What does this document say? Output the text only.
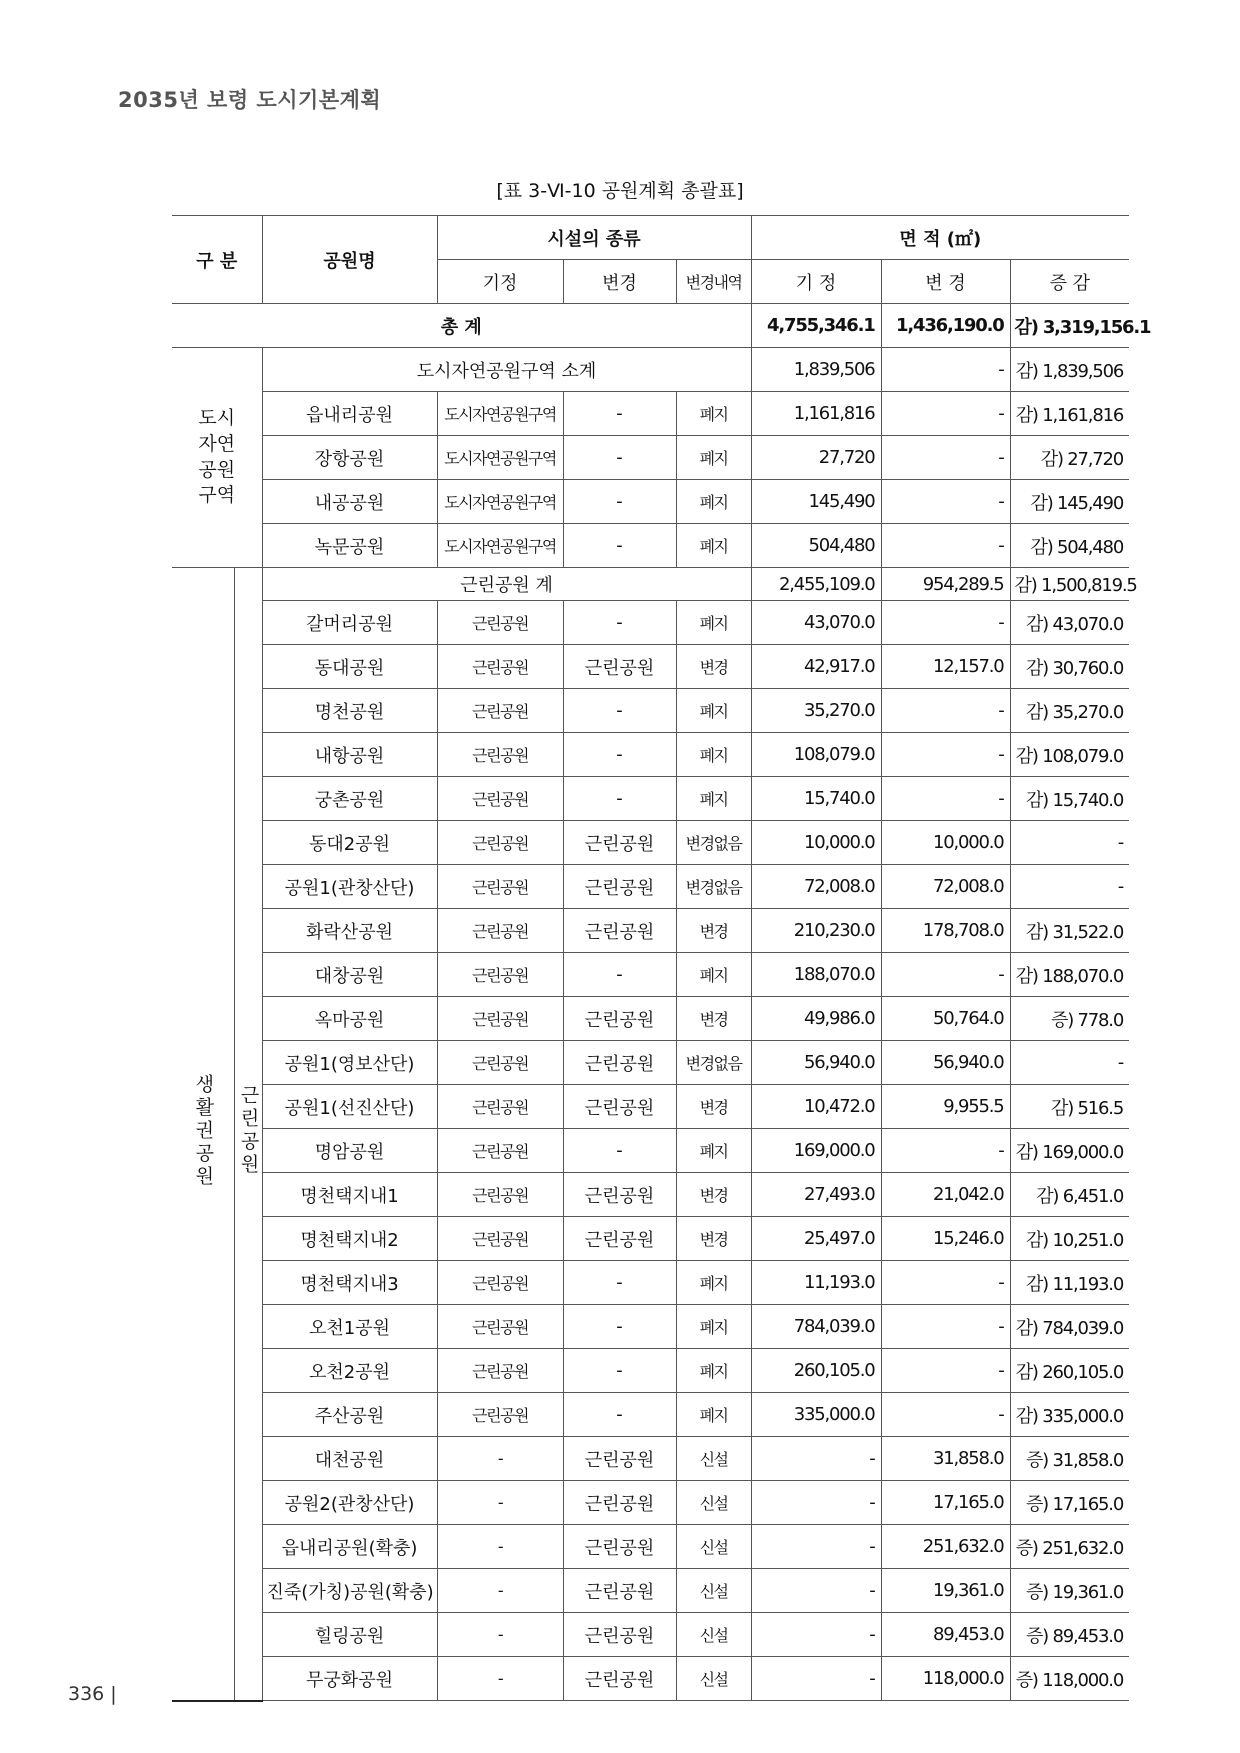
2035년 보령 도시기본계획
[표 3-Ⅵ-10 공원계획 총괄표]
구 분		공원명	시설의 종류			면 적 (㎡)		
			기정	변경	변경내역	기 정	변 경	증 감
총 계						4,755,346.1	1,436,190.0	감) 3,319,156.1
도시
자연
공원
구역		도시자연공원구역 소계				1,839,506	-	감) 1,839,506
		읍내리공원	도시자연공원구역	-	폐지	1,161,816	-	감) 1,161,816
		장항공원	도시자연공원구역	-	폐지	27,720	-	감) 27,720
		내공공원	도시자연공원구역	-	폐지	145,490	-	감) 145,490
		녹문공원	도시자연공원구역	-	폐지	504,480	-	감) 504,480
생활권공원	근린공원	근린공원 계				2,455,109.0	954,289.5	감) 1,500,819.5
		갈머리공원	근린공원	-	폐지	43,070.0	-	감) 43,070.0
		동대공원	근린공원	근린공원	변경	42,917.0	12,157.0	감) 30,760.0
		명천공원	근린공원	-	폐지	35,270.0	-	감) 35,270.0
		내항공원	근린공원	-	폐지	108,079.0	-	감) 108,079.0
		궁촌공원	근린공원	-	폐지	15,740.0	-	감) 15,740.0
		동대2공원	근린공원	근린공원	변경없음	10,000.0	10,000.0	-
		공원1(관창산단)	근린공원	근린공원	변경없음	72,008.0	72,008.0	-
		화락산공원	근린공원	근린공원	변경	210,230.0	178,708.0	감) 31,522.0
		대창공원	근린공원	-	폐지	188,070.0	-	감) 188,070.0
		옥마공원	근린공원	근린공원	변경	49,986.0	50,764.0	증) 778.0
		공원1(영보산단)	근린공원	근린공원	변경없음	56,940.0	56,940.0	-
		공원1(선진산단)	근린공원	근린공원	변경	10,472.0	9,955.5	감) 516.5
		명암공원	근린공원	-	폐지	169,000.0	-	감) 169,000.0
		명천택지내1	근린공원	근린공원	변경	27,493.0	21,042.0	감) 6,451.0
		명천택지내2	근린공원	근린공원	변경	25,497.0	15,246.0	감) 10,251.0
		명천택지내3	근린공원	-	폐지	11,193.0	-	감) 11,193.0
		오천1공원	근린공원	-	폐지	784,039.0	-	감) 784,039.0
		오천2공원	근린공원	-	폐지	260,105.0	-	감) 260,105.0
		주산공원	근린공원	-	폐지	335,000.0	-	감) 335,000.0
		대천공원	-	근린공원	신설	-	31,858.0	증) 31,858.0
		공원2(관창산단)	-	근린공원	신설	-	17,165.0	증) 17,165.0
		읍내리공원(확충)	-	근린공원	신설	-	251,632.0	증) 251,632.0
		진죽(가칭)공원(확충)	-	근린공원	신설	-	19,361.0	증) 19,361.0
		힐링공원	-	근린공원	신설	-	89,453.0	증) 89,453.0
		무궁화공원	-	근린공원	신설	-	118,000.0	증) 118,000.0
336 |
